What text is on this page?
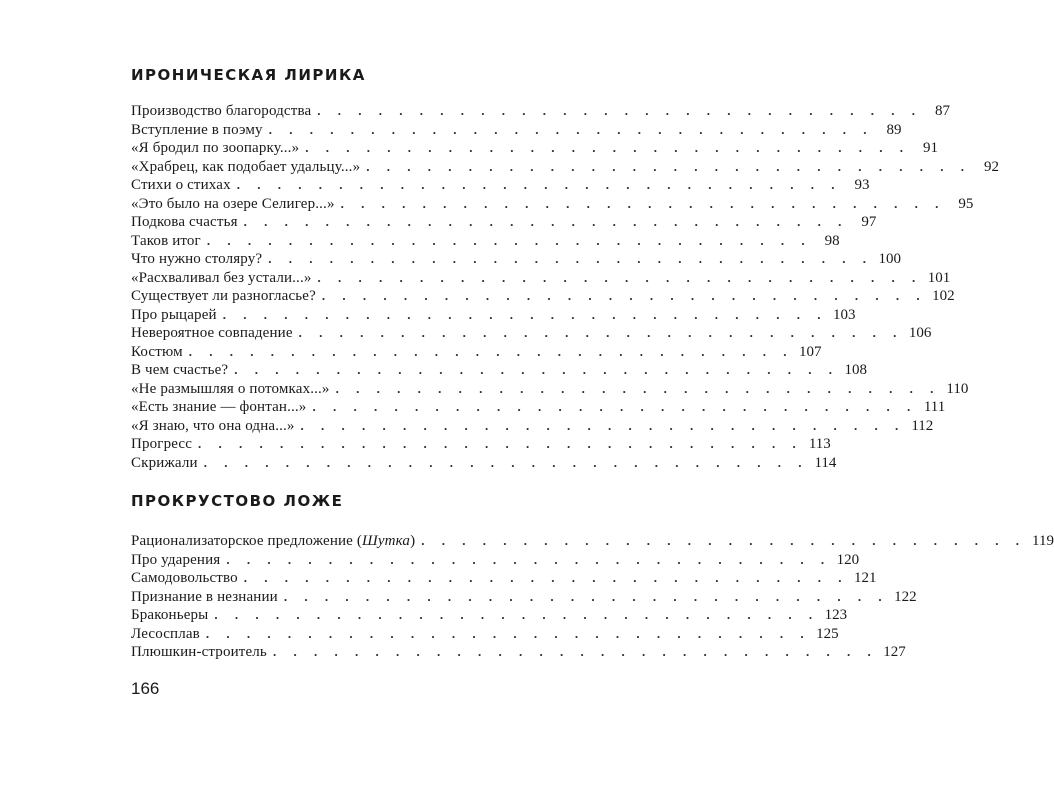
ИРОНИЧЕСКАЯ ЛИРИКА
Производство благородства . . . . . . . . . . . . . . . . . . . . . . . . . . . . . . 87
Вступление в поэму . . . . . . . . . . . . . . . . . . . . . . . . . . . . . . 89
«Я бродил по зоопарку...» . . . . . . . . . . . . . . . . . . . . . . . . . . . . . . 91
«Храбрец, как подобает удальцу...» . . . . . . . . . . . . . . . . . . . . . . . . . . . . . . 92
Стихи о стихах . . . . . . . . . . . . . . . . . . . . . . . . . . . . . . 93
«Это было на озере Селигер...» . . . . . . . . . . . . . . . . . . . . . . . . . . . . . . 95
Подкова счастья . . . . . . . . . . . . . . . . . . . . . . . . . . . . . . 97
Таков итог . . . . . . . . . . . . . . . . . . . . . . . . . . . . . . 98
Что нужно столяру? . . . . . . . . . . . . . . . . . . . . . . . . . . . . . . 100
«Расхваливал без устали...» . . . . . . . . . . . . . . . . . . . . . . . . . . . . . . 101
Существует ли разногласье? . . . . . . . . . . . . . . . . . . . . . . . . . . . . . . 102
Про рыцарей . . . . . . . . . . . . . . . . . . . . . . . . . . . . . . 103
Невероятное совпадение . . . . . . . . . . . . . . . . . . . . . . . . . . . . . . 106
Костюм . . . . . . . . . . . . . . . . . . . . . . . . . . . . . . 107
В чем счастье? . . . . . . . . . . . . . . . . . . . . . . . . . . . . . . 108
«Не размышляя о потомках...» . . . . . . . . . . . . . . . . . . . . . . . . . . . . . . 110
«Есть знание — фонтан...» . . . . . . . . . . . . . . . . . . . . . . . . . . . . . . 111
«Я знаю, что она одна...» . . . . . . . . . . . . . . . . . . . . . . . . . . . . . . 112
Прогресс . . . . . . . . . . . . . . . . . . . . . . . . . . . . . . 113
Скрижали . . . . . . . . . . . . . . . . . . . . . . . . . . . . . . 114
ПРОКРУСТОВО ЛОЖЕ
Рационализаторское предложение (Шутка) . . . . . . . . . . . . . . . . . . . . . . . . . . . . . . 119
Про ударения . . . . . . . . . . . . . . . . . . . . . . . . . . . . . . 120
Самодовольство . . . . . . . . . . . . . . . . . . . . . . . . . . . . . . 121
Признание в незнании . . . . . . . . . . . . . . . . . . . . . . . . . . . . . . 122
Браконьеры . . . . . . . . . . . . . . . . . . . . . . . . . . . . . . 123
Лесосплав . . . . . . . . . . . . . . . . . . . . . . . . . . . . . . 125
Плюшкин-строитель . . . . . . . . . . . . . . . . . . . . . . . . . . . . . . 127
166
